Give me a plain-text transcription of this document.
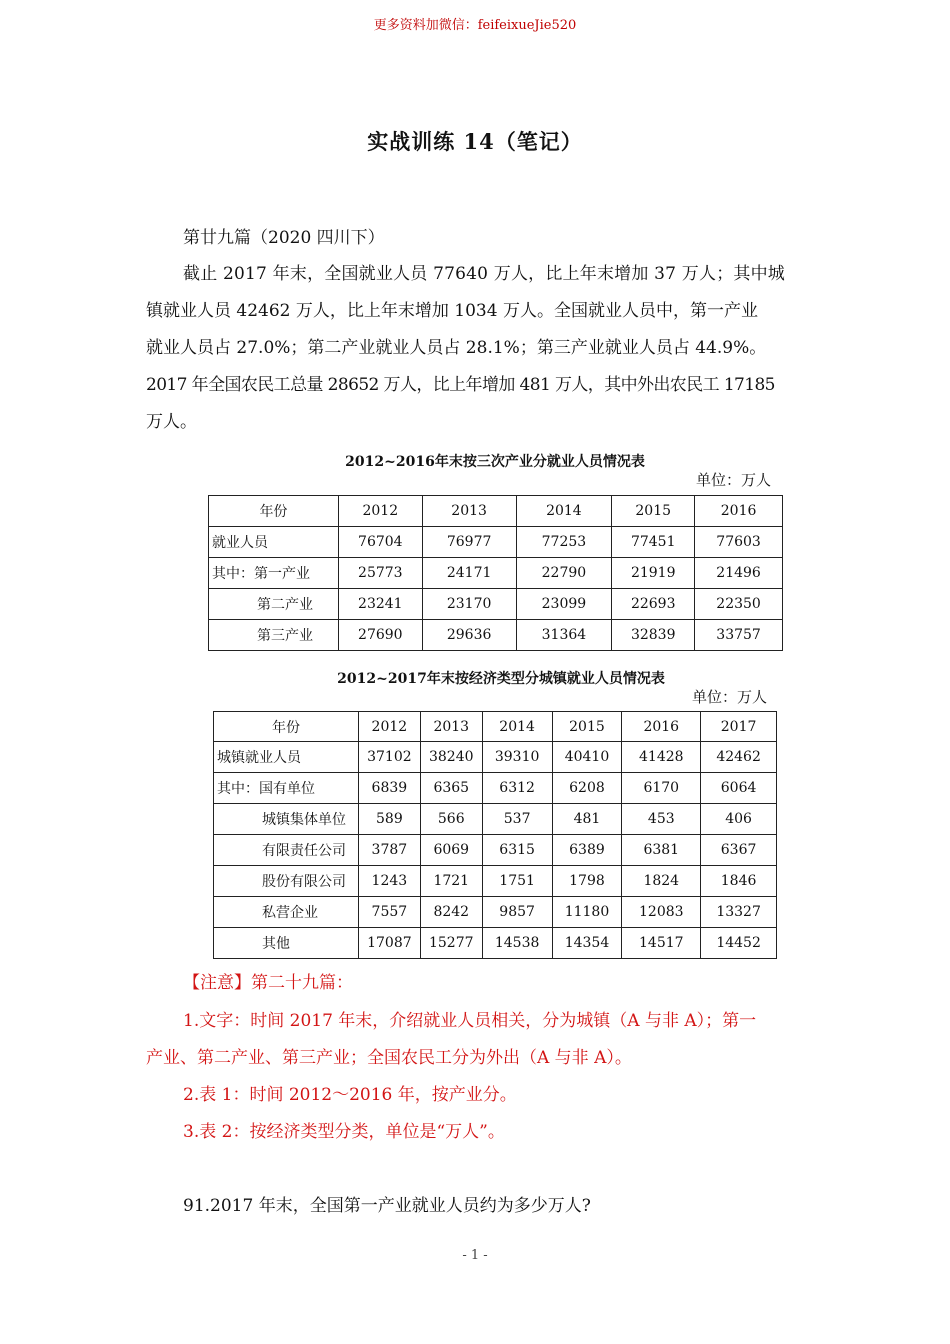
更多资料加微信：feifeixueJie520
实战训练 14（笔记）
第廿九篇（2020 四川下）
截止 2017 年末，全国就业人员 77640 万人，比上年末增加 37 万人；其中城
镇就业人员 42462 万人，比上年末增加 1034 万人。全国就业人员中，第一产业
就业人员占 27.0%；第二产业就业人员占 28.1%；第三产业就业人员占 44.9%。
2017 年全国农民工总量 28652 万人，比上年增加 481 万人，其中外出农民工 17185
万人。
2012~2016年末按三次产业分就业人员情况表
单位：万人
年份	2012	2013	2014	2015	2016
就业人员	76704	76977	77253	77451	77603
其中：第一产业	25773	24171	22790	21919	21496
第二产业	23241	23170	23099	22693	22350
第三产业	27690	29636	31364	32839	33757
2012~2017年末按经济类型分城镇就业人员情况表
单位：万人
年份	2012	2013	2014	2015	2016	2017
城镇就业人员	37102	38240	39310	40410	41428	42462
其中：国有单位	6839	6365	6312	6208	6170	6064
城镇集体单位	589	566	537	481	453	406
有限责任公司	3787	6069	6315	6389	6381	6367
股份有限公司	1243	1721	1751	1798	1824	1846
私营企业	7557	8242	9857	11180	12083	13327
其他	17087	15277	14538	14354	14517	14452
【注意】第二十九篇：
1.文字：时间 2017 年末，介绍就业人员相关，分为城镇（A 与非 A）；第一
产业、第二产业、第三产业；全国农民工分为外出（A 与非 A）。
2.表 1：时间 2012～2016 年，按产业分。
3.表 2：按经济类型分类，单位是“万人”。
91.2017 年末，全国第一产业就业人员约为多少万人?
- 1 -
